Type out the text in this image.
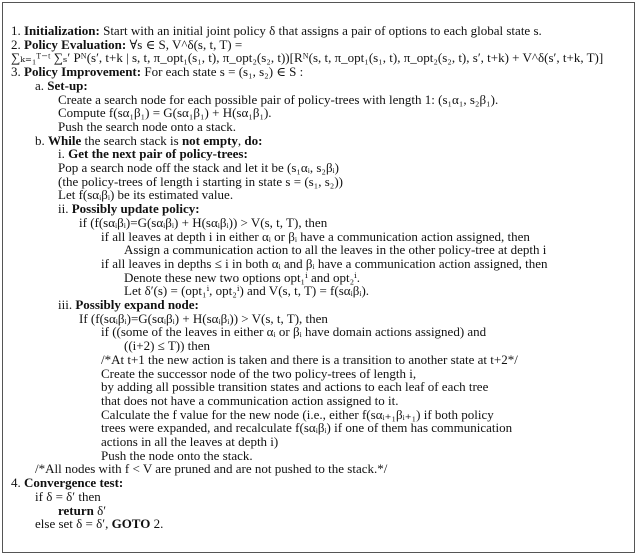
1. Initialization: Start with an initial joint policy δ that assigns a pair of options to each global state s.
2. Policy Evaluation: ∀s ∈ S, V^δ(s, t, T) =
∑ₖ₌₁ᵀ⁻ᵗ ∑ₛ′ Pᴺ(s′, t+k | s, t, π_opt₁(s₁, t), π_opt₂(s₂, t))[Rᴺ(s, t, π_opt₁(s₁, t), π_opt₂(s₂, t), s′, t+k) + V^δ(s′, t+k, T)]
3. Policy Improvement: For each state s = (s₁, s₂) ∈ S :
a. Set-up:
Create a search node for each possible pair of policy-trees with length 1: (s₁α₁, s₂β₁).
Compute f(sα₁β₁) = G(sα₁β₁) + H(sα₁β₁).
Push the search node onto a stack.
b. While the search stack is not empty, do:
i. Get the next pair of policy-trees:
Pop a search node off the stack and let it be (s₁αᵢ, s₂βᵢ)
(the policy-trees of length i starting in state s = (s₁, s₂))
Let f(sαᵢβᵢ) be its estimated value.
ii. Possibly update policy:
if (f(sαᵢβᵢ)=G(sαᵢβᵢ) + H(sαᵢβᵢ)) > V(s, t, T), then
if all leaves at depth i in either αᵢ or βᵢ have a communication action assigned, then
Assign a communication action to all the leaves in the other policy-tree at depth i
if all leaves in depths ≤ i in both αᵢ and βᵢ have a communication action assigned, then
Denote these new two options opt₁ⁱ and opt₂ⁱ.
Let δ′(s) = (opt₁ⁱ, opt₂ⁱ) and V(s, t, T) = f(sαᵢβᵢ).
iii. Possibly expand node:
If (f(sαᵢβᵢ)=G(sαᵢβᵢ) + H(sαᵢβᵢ)) > V(s, t, T), then
if ((some of the leaves in either αᵢ or βᵢ have domain actions assigned) and
((i+2) ≤ T)) then
/*At t+1 the new action is taken and there is a transition to another state at t+2*/
Create the successor node of the two policy-trees of length i,
by adding all possible transition states and actions to each leaf of each tree
that does not have a communication action assigned to it.
Calculate the f value for the new node (i.e., either f(sαᵢ₊₁βᵢ₊₁) if both policy
trees were expanded, and recalculate f(sαᵢβᵢ) if one of them has communication
actions in all the leaves at depth i)
Push the node onto the stack.
/*All nodes with f < V are pruned and are not pushed to the stack.*/
4. Convergence test:
if δ = δ′ then
return δ′
else set δ = δ′, GOTO 2.
